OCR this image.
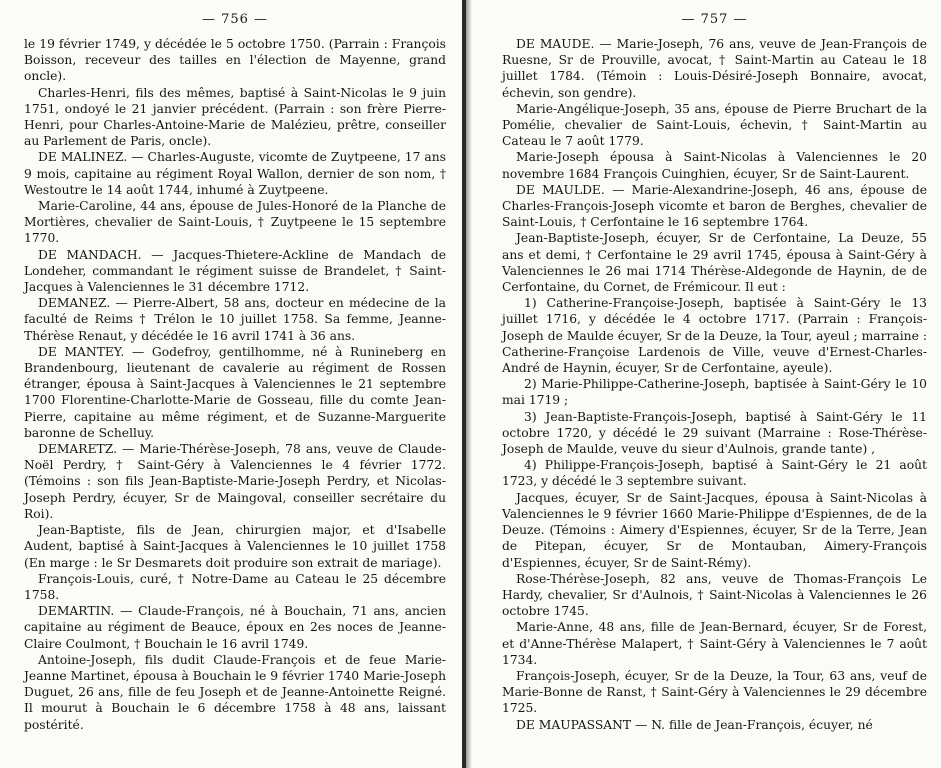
— 756 —

le 19 février 1749, y décédée le 5 octobre 1750. (Parrain : François Boisson, receveur des tailles en l'élection de Mayenne, grand oncle).

Charles-Henri, fils des mêmes, baptisé à Saint-Nicolas le 9 juin 1751, ondoyé le 21 janvier précédent. (Parrain : son frère Pierre-Henri, pour Charles-Antoine-Marie de Malézieu, prêtre, conseiller au Parlement de Paris, oncle).

DE MALINEZ. — Charles-Auguste, vicomte de Zuytpeene, 17 ans 9 mois, capitaine au régiment Royal Wallon, dernier de son nom, † Westoutre le 14 août 1744, inhumé à Zuytpeene.

Marie-Caroline, 44 ans, épouse de Jules-Honoré de la Planche de Mortières, chevalier de Saint-Louis, † Zuytpeene le 15 septembre 1770.

DE MANDACH. — Jacques-Thietere-Ackline de Mandach de Londeher, commandant le régiment suisse de Brandelet, † Saint-Jacques à Valenciennes le 31 décembre 1712.

DEMANEZ. — Pierre-Albert, 58 ans, docteur en médecine de la faculté de Reims † Trélon le 10 juillet 1758. Sa femme, Jeanne-Thérèse Renaut, y décédée le 16 avril 1741 à 36 ans.

DE MANTEY. — Godefroy, gentilhomme, né à Runineberg en Brandenbourg, lieutenant de cavalerie au régiment de Rossen étranger, épousa à Saint-Jacques à Valenciennes le 21 septembre 1700 Florentine-Charlotte-Marie de Gosseau, fille du comte Jean-Pierre, capitaine au même régiment, et de Suzanne-Marguerite baronne de Schelluy.

DEMARETZ. — Marie-Thérèse-Joseph, 78 ans, veuve de Claude-Noël Perdry, † Saint-Géry à Valenciennes le 4 février 1772. (Témoins : son fils Jean-Baptiste-Marie-Joseph Perdry, et Nicolas-Joseph Perdry, écuyer, Sr de Maingoval, conseiller secrétaire du Roi).

Jean-Baptiste, fils de Jean, chirurgien major, et d'Isabelle Audent, baptisé à Saint-Jacques à Valenciennes le 10 juillet 1758 (En marge : le Sr Desmarets doit produire son extrait de mariage).

François-Louis, curé, † Notre-Dame au Cateau le 25 décembre 1758.

DEMARTIN. — Claude-François, né à Bouchain, 71 ans, ancien capitaine au régiment de Beauce, époux en 2es noces de Jeanne-Claire Coulmont, † Bouchain le 16 avril 1749.

Antoine-Joseph, fils dudit Claude-François et de feue Marie-Jeanne Martinet, épousa à Bouchain le 9 février 1740 Marie-Joseph Duguet, 26 ans, fille de feu Joseph et de Jeanne-Antoinette Reigné. Il mourut à Bouchain le 6 décembre 1758 à 48 ans, laissant postérité.

— 757 —

DE MAUDE. — Marie-Joseph, 76 ans, veuve de Jean-François de Ruesne, Sr de Prouville, avocat, † Saint-Martin au Cateau le 18 juillet 1784. (Témoin : Louis-Désiré-Joseph Bonnaire, avocat, échevin, son gendre).

Marie-Angélique-Joseph, 35 ans, épouse de Pierre Bruchart de la Pomélie, chevalier de Saint-Louis, échevin, † Saint-Martin au Cateau le 7 août 1779.

Marie-Joseph épousa à Saint-Nicolas à Valenciennes le 20 novembre 1684 François Cuinghien, écuyer, Sr de Saint-Laurent.

DE MAULDE. — Marie-Alexandrine-Joseph, 46 ans, épouse de Charles-François-Joseph vicomte et baron de Berghes, chevalier de Saint-Louis, † Cerfontaine le 16 septembre 1764.

Jean-Baptiste-Joseph, écuyer, Sr de Cerfontaine, La Deuze, 55 ans et demi, † Cerfontaine le 29 avril 1745, épousa à Saint-Géry à Valenciennes le 26 mai 1714 Thérèse-Aldegonde de Haynin, de de Cerfontaine, du Cornet, de Frémicour. Il eut :

1) Catherine-Françoise-Joseph, baptisée à Saint-Géry le 13 juillet 1716, y décédée le 4 octobre 1717. (Parrain : François-Joseph de Maulde écuyer, Sr de la Deuze, la Tour, ayeul ; marraine : Catherine-Françoise Lardenois de Ville, veuve d'Ernest-Charles-André de Haynin, écuyer, Sr de Cerfontaine, ayeule).

2) Marie-Philippe-Catherine-Joseph, baptisée à Saint-Géry le 10 mai 1719 ;

3) Jean-Baptiste-François-Joseph, baptisé à Saint-Géry le 11 octobre 1720, y décédé le 29 suivant (Marraine : Rose-Thérèse-Joseph de Maulde, veuve du sieur d'Aulnois, grande tante) ,

4) Philippe-François-Joseph, baptisé à Saint-Géry le 21 août 1723, y décédé le 3 septembre suivant.

Jacques, écuyer, Sr de Saint-Jacques, épousa à Saint-Nicolas à Valenciennes le 9 février 1660 Marie-Philippe d'Espiennes, de de la Deuze. (Témoins : Aimery d'Espiennes, écuyer, Sr de la Terre, Jean de Pitepan, écuyer, Sr de Montauban, Aimery-François d'Espiennes, écuyer, Sr de Saint-Rémy).

Rose-Thérèse-Joseph, 82 ans, veuve de Thomas-François Le Hardy, chevalier, Sr d'Aulnois, † Saint-Nicolas à Valenciennes le 26 octobre 1745.

Marie-Anne, 48 ans, fille de Jean-Bernard, écuyer, Sr de Forest, et d'Anne-Thérèse Malapert, † Saint-Géry à Valenciennes le 7 août 1734.

François-Joseph, écuyer, Sr de la Deuze, la Tour, 63 ans, veuf de Marie-Bonne de Ranst, † Saint-Géry à Valenciennes le 29 décembre 1725.

DE MAUPASSANT — N. fille de Jean-François, écuyer, né
